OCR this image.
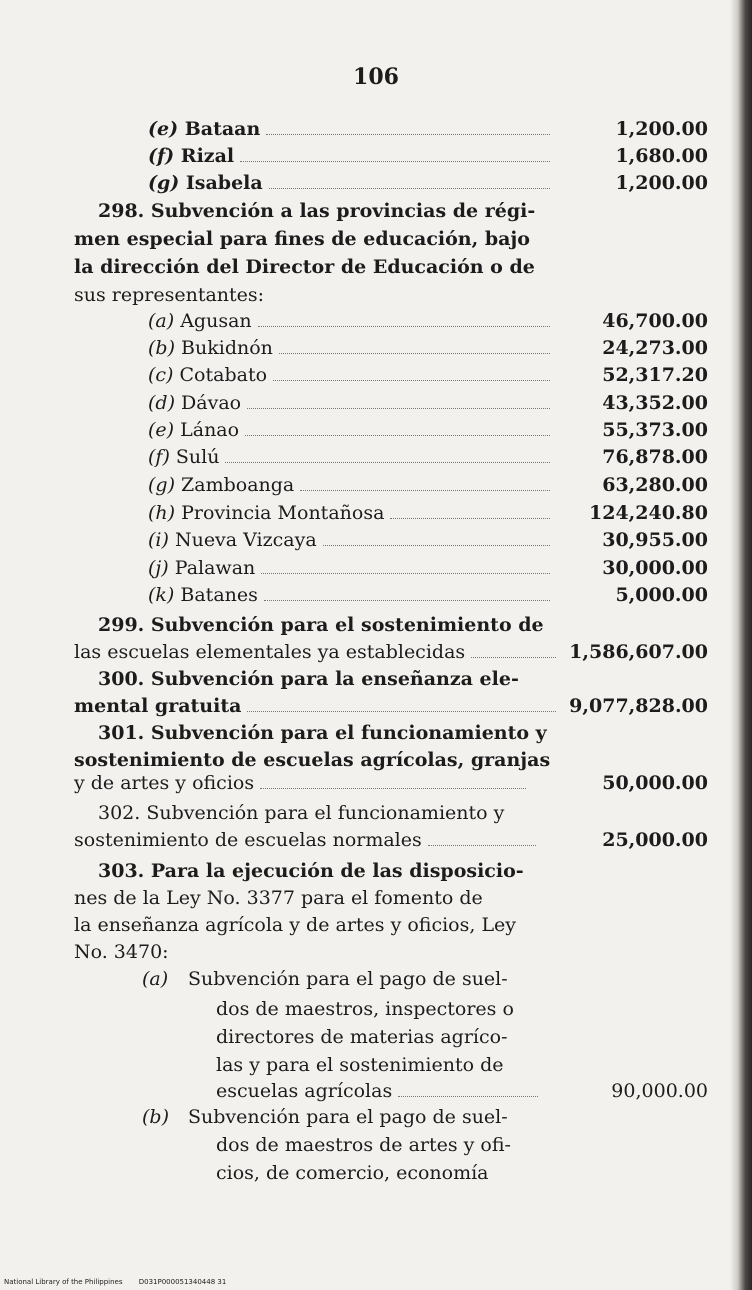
106
(e) Bataan	1,200.00
(f) Rizal	1,680.00
(g) Isabela	1,200.00
298. Subvención a las provincias de régi-
men especial para fines de educación, bajo
la dirección del Director de Educación o de
sus representantes:
(a) Agusan	46,700.00
(b) Bukidnón	24,273.00
(c) Cotabato	52,317.20
(d) Dávao	43,352.00
(e) Lánao	55,373.00
(f) Sulú	76,878.00
(g) Zamboanga	63,280.00
(h) Provincia Montañosa	124,240.80
(i) Nueva Vizcaya	30,955.00
(j) Palawan	30,000.00
(k) Batanes	5,000.00
299. Subvención para el sostenimiento de
las escuelas elementales ya establecidas	1,586,607.00
300. Subvención para la enseñanza ele-
mental gratuita	9,077,828.00
301. Subvención para el funcionamiento y
sostenimiento de escuelas agrícolas, granjas
y de artes y oficios	50,000.00
302. Subvención para el funcionamiento y
sostenimiento de escuelas normales	25,000.00
303. Para la ejecución de las disposicio-
nes de la Ley No. 3377 para el fomento de
la enseñanza agrícola y de artes y oficios, Ley
No. 3470:
(a) Subvención para el pago de suel-
dos de maestros, inspectores o
directores de materias agríco-
las y para el sostenimiento de
escuelas agrícolas	90,000.00
(b) Subvención para el pago de suel-
dos de maestros de artes y ofi-
cios, de comercio, economía
National Library of the Philippines D031P000051340448 31
